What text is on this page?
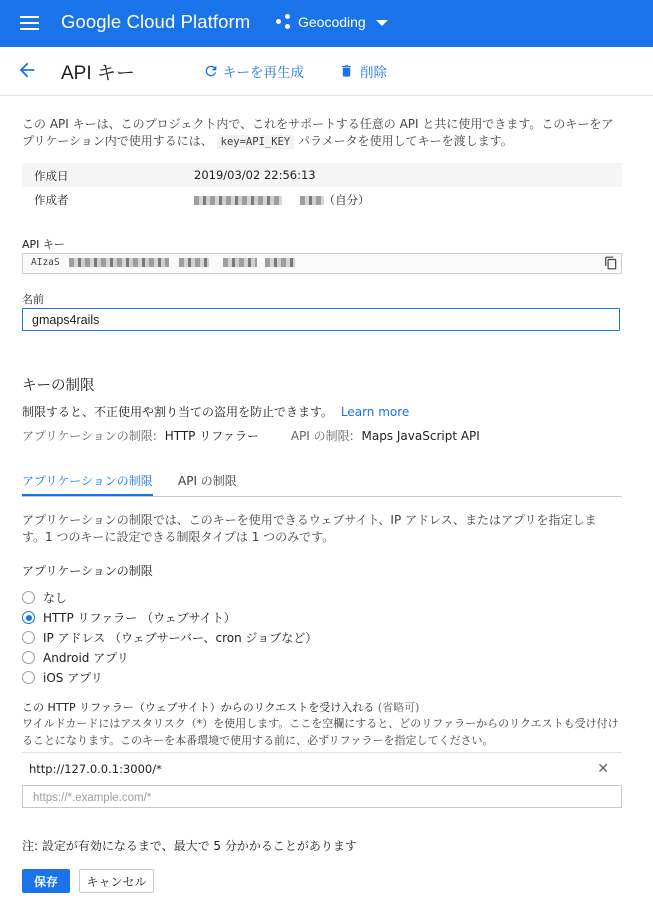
Google Cloud Platform	Geocoding
API キー	キーを再生成	削除
この API キーは、このプロジェクト内で、これをサポートする任意の API と共に使用できます。このキーをアプリケーション内で使用するには、 key=API_KEY パラメータを使用してキーを渡します。
作成日	2019/03/02 22:56:13
作成者	（自分）
API キー
AIzaS
名前
gmaps4rails
キーの制限
制限すると、不正使用や割り当ての盗用を防止できます。 Learn more
アプリケーションの制限: HTTP リファラー	API の制限: Maps JavaScript API
アプリケーションの制限 API の制限
アプリケーションの制限では、このキーを使用できるウェブサイト、IP アドレス、またはアプリを指定します。1 つのキーに設定できる制限タイプは 1 つのみです。
アプリケーションの制限
なし
HTTP リファラー （ウェブサイト）
IP アドレス （ウェブサーバー、cron ジョブなど）
Android アプリ
iOS アプリ
この HTTP リファラー（ウェブサイト）からのリクエストを受け入れる (省略可)
ワイルドカードにはアスタリスク（*）を使用します。ここを空欄にすると、どのリファラーからのリクエストも受け付けることになります。このキーを本番環境で使用する前に、必ずリファラーを指定してください。
http://127.0.0.1:3000/*	✕
https://*.example.com/*
注: 設定が有効になるまで、最大で 5 分かかることがあります
保存	キャンセル
